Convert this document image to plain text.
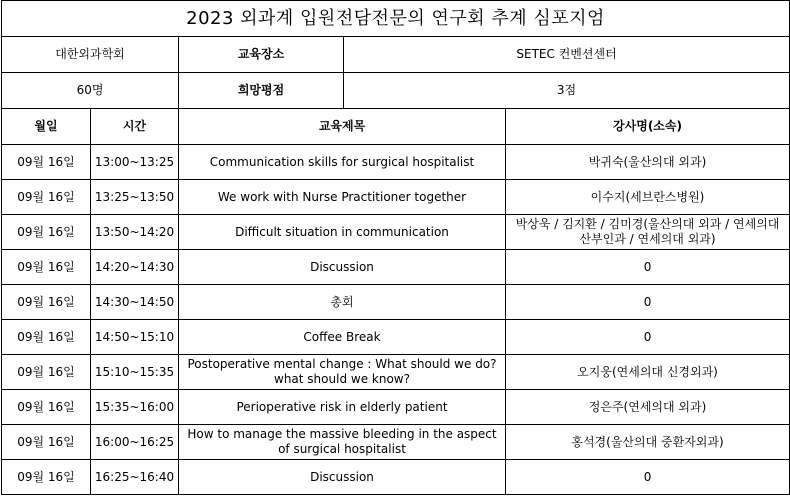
2023 외과계 입원전담전문의 연구회 추계 심포지엄				
대한외과학회		교육장소	SETEC 컨벤션센터	
60명		희망평점	3점	
월일	시간	교육제목		강사명(소속)
09월 16일	13:00~13:25	Communication skills for surgical hospitalist		박귀숙(울산의대 외과)
09월 16일	13:25~13:50	We work with Nurse Practitioner together		이수지(세브란스병원)
09월 16일	13:50~14:20	Difficult situation in communication		박상욱 / 김지환 / 김미경(울산의대 외과 / 연세의대 산부인과 / 연세의대 외과)
09월 16일	14:20~14:30	Discussion		0
09월 16일	14:30~14:50	총회		0
09월 16일	14:50~15:10	Coffee Break		0
09월 16일	15:10~15:35	Postoperative mental change : What should we do? what should we know?		오지웅(연세의대 신경외과)
09월 16일	15:35~16:00	Perioperative risk in elderly patient		정은주(연세의대 외과)
09월 16일	16:00~16:25	How to manage the massive bleeding in the aspect of surgical hospitalist		홍석경(울산의대 중환자외과)
09월 16일	16:25~16:40	Discussion		0
